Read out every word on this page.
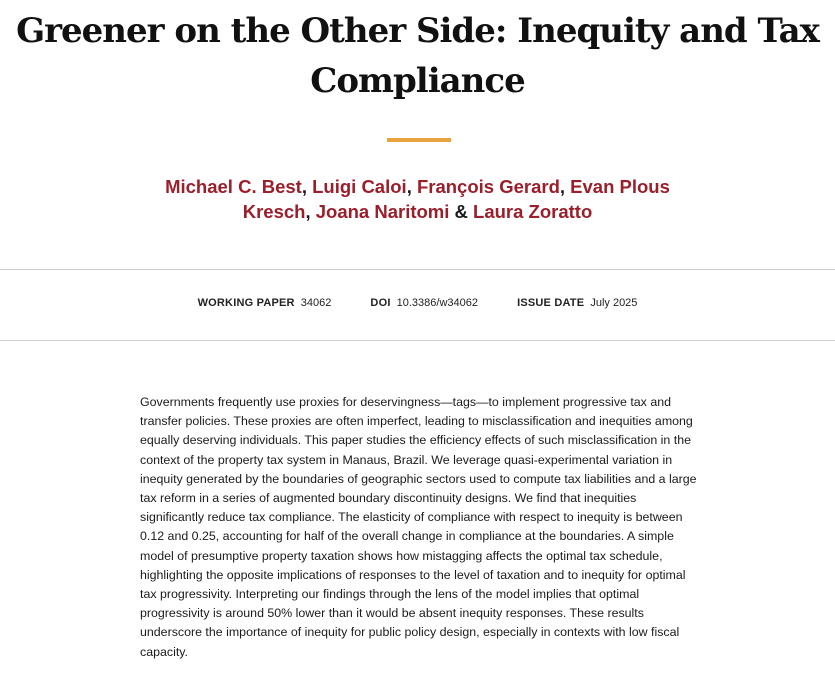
Greener on the Other Side: Inequity and Tax Compliance
Michael C. Best, Luigi Caloi, François Gerard, Evan Plous Kresch, Joana Naritomi & Laura Zoratto
WORKING PAPER 34062	DOI 10.3386/w34062	ISSUE DATE July 2025

Governments frequently use proxies for deservingness—tags—to implement progressive tax and transfer policies. These proxies are often imperfect, leading to misclassification and inequities among equally deserving individuals. This paper studies the efficiency effects of such misclassification in the context of the property tax system in Manaus, Brazil. We leverage quasi-experimental variation in inequity generated by the boundaries of geographic sectors used to compute tax liabilities and a large tax reform in a series of augmented boundary discontinuity designs. We find that inequities significantly reduce tax compliance. The elasticity of compliance with respect to inequity is between 0.12 and 0.25, accounting for half of the overall change in compliance at the boundaries. A simple model of presumptive property taxation shows how mistagging affects the optimal tax schedule, highlighting the opposite implications of responses to the level of taxation and to inequity for optimal tax progressivity. Interpreting our findings through the lens of the model implies that optimal progressivity is around 50% lower than it would be absent inequity responses. These results underscore the importance of inequity for public policy design, especially in contexts with low fiscal capacity.
